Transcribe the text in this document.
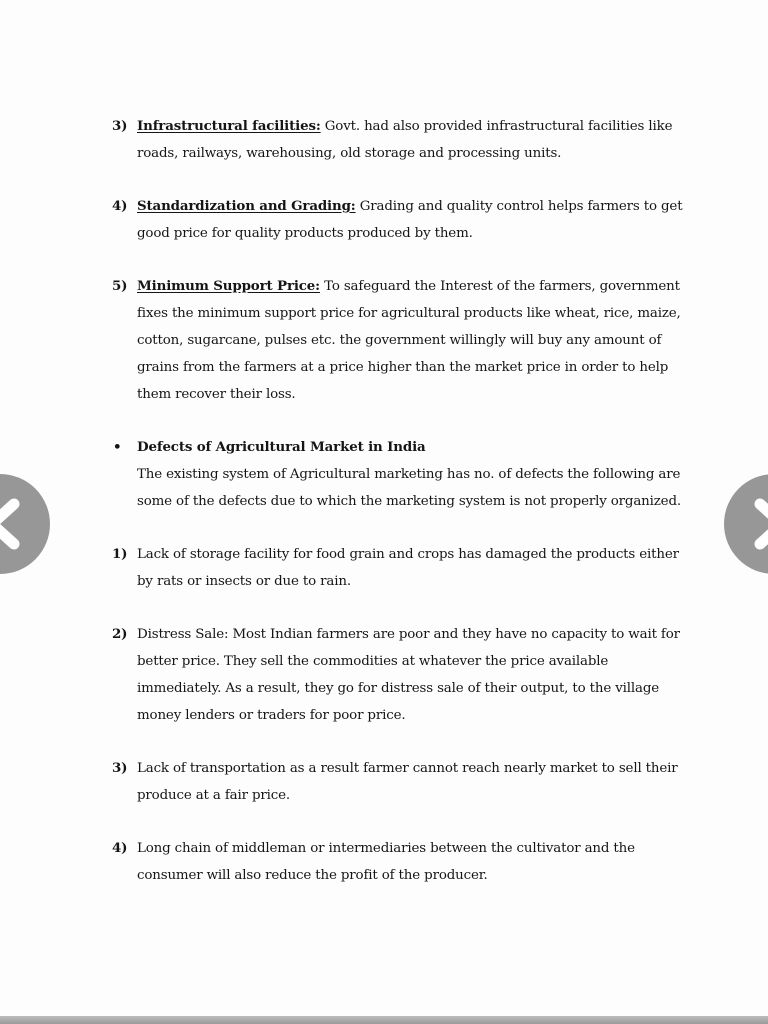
3) Infrastructural facilities: Govt. had also provided infrastructural facilities like roads, railways, warehousing, old storage and processing units.
4) Standardization and Grading: Grading and quality control helps farmers to get good price for quality products produced by them.
5) Minimum Support Price: To safeguard the Interest of the farmers, government fixes the minimum support price for agricultural products like wheat, rice, maize, cotton, sugarcane, pulses etc. the government willingly will buy any amount of grains from the farmers at a price higher than the market price in order to help them recover their loss.
• Defects of Agricultural Market in India
The existing system of Agricultural marketing has no. of defects the following are some of the defects due to which the marketing system is not properly organized.
1) Lack of storage facility for food grain and crops has damaged the products either by rats or insects or due to rain.
2) Distress Sale: Most Indian farmers are poor and they have no capacity to wait for better price. They sell the commodities at whatever the price available immediately. As a result, they go for distress sale of their output, to the village money lenders or traders for poor price.
3) Lack of transportation as a result farmer cannot reach nearly market to sell their produce at a fair price.
4) Long chain of middleman or intermediaries between the cultivator and the consumer will also reduce the profit of the producer.
